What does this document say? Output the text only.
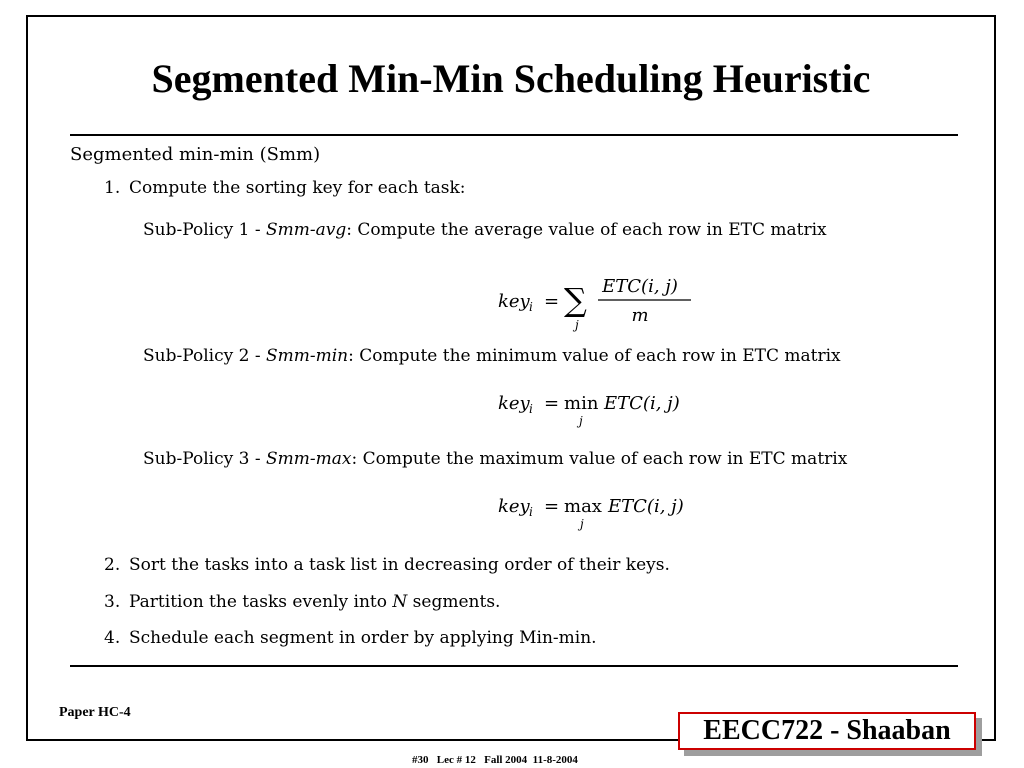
Segmented Min-Min Scheduling Heuristic
Segmented min-min (Smm)
1. Compute the sorting key for each task:
Sub-Policy 1 - Smm-avg: Compute the average value of each row in ETC matrix
key i = ∑
j
ETC(i, j)
m
Sub-Policy 2 - Smm-min: Compute the minimum value of each row in ETC matrix
key i = min
j
ETC(i, j)
Sub-Policy 3 - Smm-max: Compute the maximum value of each row in ETC matrix
key i = max
j
ETC(i, j)
2. Sort the tasks into a task list in decreasing order of their keys.
3. Partition the tasks evenly into N segments.
4. Schedule each segment in order by applying Min-min.
Paper HC-4
EECC722 - Shaaban
#30   Lec # 12   Fall 2004  11-8-2004
